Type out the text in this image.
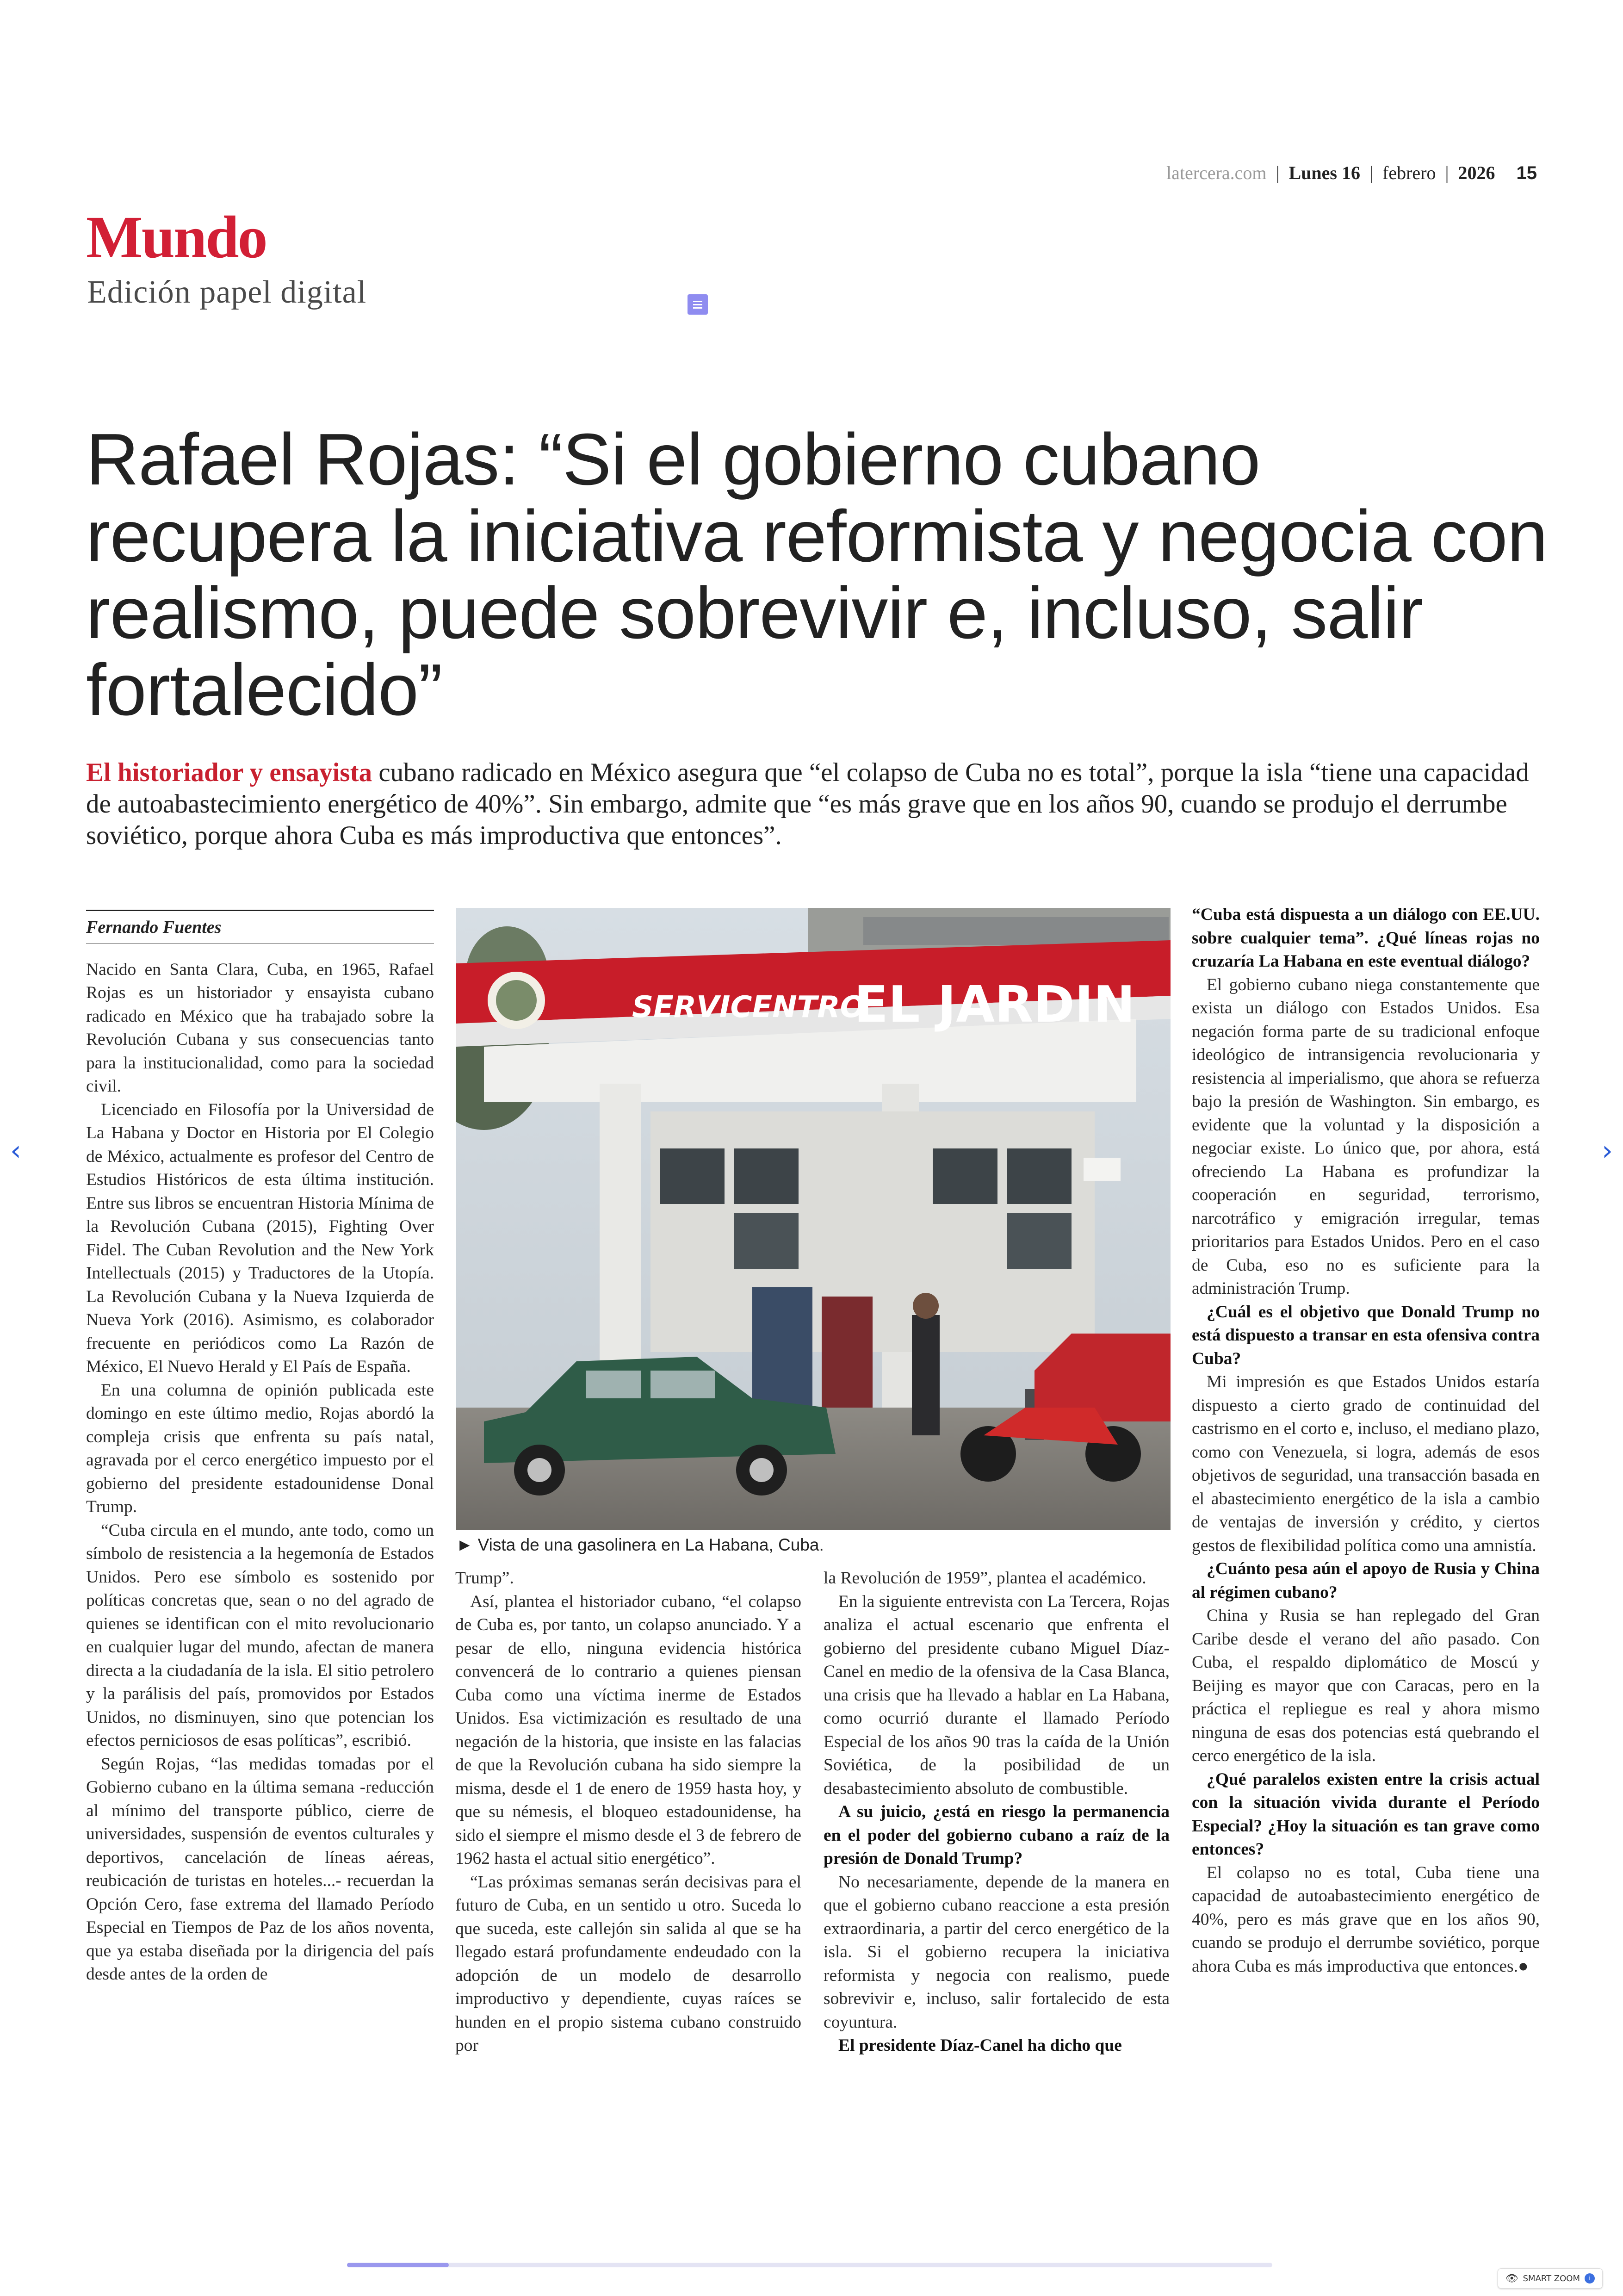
latercera.com | Lunes 16 | febrero | 2026 15
Mundo
Edición papel digital
Rafael Rojas: “Si el gobierno cubano recupera la iniciativa reformista y negocia con realismo, puede sobrevivir e, incluso, salir fortalecido”
El historiador y ensayista cubano radicado en México asegura que “el colapso de Cuba no es total”, porque la isla “tiene una capacidad de autoabastecimiento energético de 40%”. Sin embargo, admite que “es más grave que en los años 90, cuando se produjo el derrumbe soviético, porque ahora Cuba es más improductiva que entonces”.
Fernando Fuentes

Nacido en Santa Clara, Cuba, en 1965, Rafael Rojas es un historiador y ensayista cubano radicado en México que ha trabajado sobre la Revolución Cubana y sus consecuencias tanto para la institucionalidad, como para la sociedad civil.

Licenciado en Filosofía por la Universidad de La Habana y Doctor en Historia por El Colegio de México, actualmente es profesor del Centro de Estudios Históricos de esta última institución. Entre sus libros se encuentran Historia Mínima de la Revolución Cubana (2015), Fighting Over Fidel. The Cuban Revolution and the New York Intellectuals (2015) y Traductores de la Utopía. La Revolución Cubana y la Nueva Izquierda de Nueva York (2016). Asimismo, es colaborador frecuente en periódicos como La Razón de México, El Nuevo Herald y El País de España.

En una columna de opinión publicada este domingo en este último medio, Rojas abordó la compleja crisis que enfrenta su país natal, agravada por el cerco energético impuesto por el gobierno del presidente estadounidense Donal Trump.

“Cuba circula en el mundo, ante todo, como un símbolo de resistencia a la hegemonía de Estados Unidos. Pero ese símbolo es sostenido por políticas concretas que, sean o no del agrado de quienes se identifican con el mito revolucionario en cualquier lugar del mundo, afectan de manera directa a la ciudadanía de la isla. El sitio petrolero y la parálisis del país, promovidos por Estados Unidos, no disminuyen, sino que potencian los efectos perniciosos de esas políticas”, escribió.

Según Rojas, “las medidas tomadas por el Gobierno cubano en la última semana -reducción al mínimo del transporte público, cierre de universidades, suspensión de eventos culturales y deportivos, cancelación de líneas aéreas, reubicación de turistas en hoteles...- recuerdan la Opción Cero, fase extrema del llamado Período Especial en Tiempos de Paz de los años noventa, que ya estaba diseñada por la dirigencia del país desde antes de la orden de

SERVICENTRO
EL JARDIN
► Vista de una gasolinera en La Habana, Cuba.

Trump”.

Así, plantea el historiador cubano, “el colapso de Cuba es, por tanto, un colapso anunciado. Y a pesar de ello, ninguna evidencia histórica convencerá de lo contrario a quienes piensan Cuba como una víctima inerme de Estados Unidos. Esa victimización es resultado de una negación de la historia, que insiste en las falacias de que la Revolución cubana ha sido siempre la misma, desde el 1 de enero de 1959 hasta hoy, y que su némesis, el bloqueo estadounidense, ha sido el siempre el mismo desde el 3 de febrero de 1962 hasta el actual sitio energético”.

“Las próximas semanas serán decisivas para el futuro de Cuba, en un sentido u otro. Suceda lo que suceda, este callejón sin salida al que se ha llegado estará profundamente endeudado con la adopción de un modelo de desarrollo improductivo y dependiente, cuyas raíces se hunden en el propio sistema cubano construido por

la Revolución de 1959”, plantea el académico.

En la siguiente entrevista con La Tercera, Rojas analiza el actual escenario que enfrenta el gobierno del presidente cubano Miguel Díaz-Canel en medio de la ofensiva de la Casa Blanca, una crisis que ha llevado a hablar en La Habana, como ocurrió durante el llamado Período Especial de los años 90 tras la caída de la Unión Soviética, de la posibilidad de un desabastecimiento absoluto de combustible.

A su juicio, ¿está en riesgo la permanencia en el poder del gobierno cubano a raíz de la presión de Donald Trump?

No necesariamente, depende de la manera en que el gobierno cubano reaccione a esta presión extraordinaria, a partir del cerco energético de la isla. Si el gobierno recupera la iniciativa reformista y negocia con realismo, puede sobrevivir e, incluso, salir fortalecido de esta coyuntura.

El presidente Díaz-Canel ha dicho que

“Cuba está dispuesta a un diálogo con EE.UU. sobre cualquier tema”. ¿Qué líneas rojas no cruzaría La Habana en este eventual diálogo?

El gobierno cubano niega constantemente que exista un diálogo con Estados Unidos. Esa negación forma parte de su tradicional enfoque ideológico de intransigencia revolucionaria y resistencia al imperialismo, que ahora se refuerza bajo la presión de Washington. Sin embargo, es evidente que la voluntad y la disposición a negociar existe. Lo único que, por ahora, está ofreciendo La Habana es profundizar la cooperación en seguridad, terrorismo, narcotráfico y emigración irregular, temas prioritarios para Estados Unidos. Pero en el caso de Cuba, eso no es suficiente para la administración Trump.

¿Cuál es el objetivo que Donald Trump no está dispuesto a transar en esta ofensiva contra Cuba?

Mi impresión es que Estados Unidos estaría dispuesto a cierto grado de continuidad del castrismo en el corto e, incluso, el mediano plazo, como con Venezuela, si logra, además de esos objetivos de seguridad, una transacción basada en el abastecimiento energético de la isla a cambio de ventajas de inversión y crédito, y ciertos gestos de flexibilidad política como una amnistía.

¿Cuánto pesa aún el apoyo de Rusia y China al régimen cubano?

China y Rusia se han replegado del Gran Caribe desde el verano del año pasado. Con Cuba, el respaldo diplomático de Moscú y Beijing es mayor que con Caracas, pero en la práctica el repliegue es real y ahora mismo ninguna de esas dos potencias está quebrando el cerco energético de la isla.

¿Qué paralelos existen entre la crisis actual con la situación vivida durante el Período Especial? ¿Hoy la situación es tan grave como entonces?

El colapso no es total, Cuba tiene una capacidad de autoabastecimiento energético de 40%, pero es más grave que en los años 90, cuando se produjo el derrumbe soviético, porque ahora Cuba es más improductiva que entonces.●

‹	›
👁 SMART ZOOM	i
